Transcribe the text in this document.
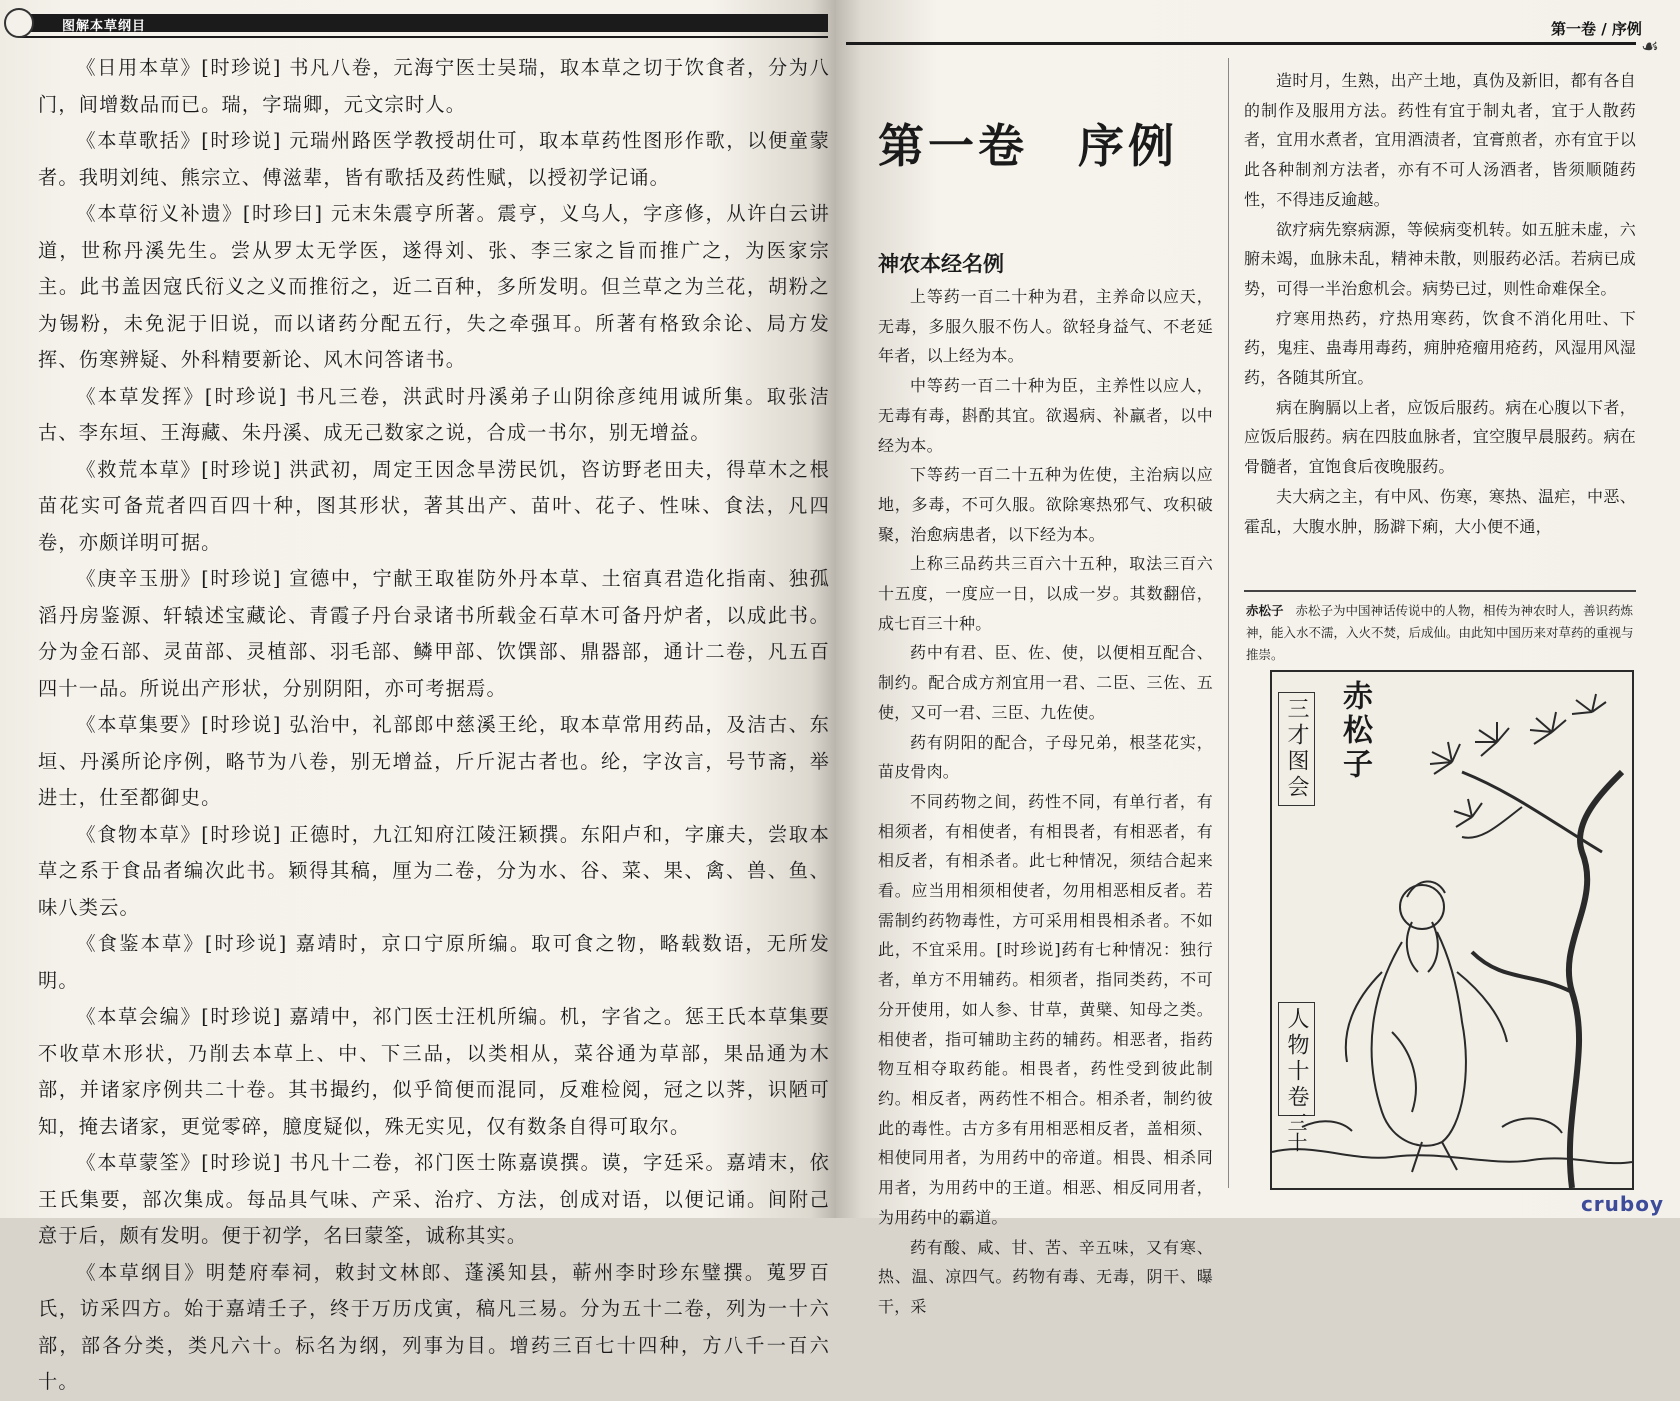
图解本草纲目

《日用本草》[时珍说] 书凡八卷，元海宁医士吴瑞，取本草之切于饮食者，分为八门，间增数品而已。瑞，字瑞卿，元文宗时人。

《本草歌括》[时珍说] 元瑞州路医学教授胡仕可，取本草药性图形作歌，以便童蒙者。我明刘纯、熊宗立、傅滋辈，皆有歌括及药性赋，以授初学记诵。

《本草衍义补遗》[时珍曰] 元末朱震亨所著。震亨，义乌人，字彦修，从许白云讲道，世称丹溪先生。尝从罗太无学医，遂得刘、张、李三家之旨而推广之，为医家宗主。此书盖因寇氏衍义之义而推衍之，近二百种，多所发明。但兰草之为兰花，胡粉之为锡粉，未免泥于旧说，而以诸药分配五行，失之牵强耳。所著有格致余论、局方发挥、伤寒辨疑、外科精要新论、风木问答诸书。

《本草发挥》[时珍说] 书凡三卷，洪武时丹溪弟子山阴徐彦纯用诚所集。取张洁古、李东垣、王海藏、朱丹溪、成无己数家之说，合成一书尔，别无增益。

《救荒本草》[时珍说] 洪武初，周定王因念旱涝民饥，咨访野老田夫，得草木之根苗花实可备荒者四百四十种，图其形状，著其出产、苗叶、花子、性味、食法，凡四卷，亦颇详明可据。

《庚辛玉册》[时珍说] 宣德中，宁献王取崔防外丹本草、土宿真君造化指南、独孤滔丹房鉴源、轩辕述宝藏论、青霞子丹台录诸书所载金石草木可备丹炉者，以成此书。分为金石部、灵苗部、灵植部、羽毛部、鳞甲部、饮馔部、鼎器部，通计二卷，凡五百四十一品。所说出产形状，分别阴阳，亦可考据焉。

《本草集要》[时珍说] 弘治中，礼部郎中慈溪王纶，取本草常用药品，及洁古、东垣、丹溪所论序例，略节为八卷，别无增益，斤斤泥古者也。纶，字汝言，号节斋，举进士，仕至都御史。

《食物本草》[时珍说] 正德时，九江知府江陵汪颖撰。东阳卢和，字廉夫，尝取本草之系于食品者编次此书。颖得其稿，厘为二卷，分为水、谷、菜、果、禽、兽、鱼、味八类云。

《食鉴本草》[时珍说] 嘉靖时，京口宁原所编。取可食之物，略载数语，无所发明。

《本草会编》[时珍说] 嘉靖中，祁门医士汪机所编。机，字省之。惩王氏本草集要不收草木形状，乃削去本草上、中、下三品，以类相从，菜谷通为草部，果品通为木部，并诸家序例共二十卷。其书撮约，似乎简便而混同，反难检阅，冠之以荠，识陋可知，掩去诸家，更觉零碎，臆度疑似，殊无实见，仅有数条自得可取尔。

《本草蒙筌》[时珍说] 书凡十二卷，祁门医士陈嘉谟撰。谟，字廷采。嘉靖末，依王氏集要，部次集成。每品具气味、产采、治疗、方法，创成对语，以便记诵。间附己意于后，颇有发明。便于初学，名曰蒙筌，诚称其实。

《本草纲目》明楚府奉祠，敕封文林郎、蓬溪知县，蕲州李时珍东璧撰。蒐罗百氏，访采四方。始于嘉靖壬子，终于万历戊寅，稿凡三易。分为五十二卷，列为一十六部，部各分类，类凡六十。标名为纲，列事为目。增药三百七十四种，方八千一百六十。

第一卷 / 序例
☙
第一卷　序例
神农本经名例

上等药一百二十种为君，主养命以应天，无毒，多服久服不伤人。欲轻身益气、不老延年者，以上经为本。

中等药一百二十种为臣，主养性以应人，无毒有毒，斟酌其宜。欲遏病、补羸者，以中经为本。

下等药一百二十五种为佐使，主治病以应地，多毒，不可久服。欲除寒热邪气、攻积破聚，治愈病患者，以下经为本。

上称三品药共三百六十五种，取法三百六十五度，一度应一日，以成一岁。其数翻倍，成七百三十种。

药中有君、臣、佐、使，以便相互配合、制约。配合成方剂宜用一君、二臣、三佐、五使，又可一君、三臣、九佐使。

药有阴阳的配合，子母兄弟，根茎花实，苗皮骨肉。

不同药物之间，药性不同，有单行者，有相须者，有相使者，有相畏者，有相恶者，有相反者，有相杀者。此七种情况，须结合起来看。应当用相须相使者，勿用相恶相反者。若需制约药物毒性，方可采用相畏相杀者。不如此，不宜采用。[时珍说]药有七种情况：独行者，单方不用辅药。相须者，指同类药，不可分开使用，如人参、甘草，黄檗、知母之类。相使者，指可辅助主药的辅药。相恶者，指药物互相夺取药能。相畏者，药性受到彼此制约。相反者，两药性不相合。相杀者，制约彼此的毒性。古方多有用相恶相反者，盖相须、相使同用者，为用药中的帝道。相畏、相杀同用者，为用药中的王道。相恶、相反同用者，为用药中的霸道。

药有酸、咸、甘、苦、辛五味，又有寒、热、温、凉四气。药物有毒、无毒，阴干、曝干，采

造时月，生熟，出产土地，真伪及新旧，都有各自的制作及服用方法。药性有宜于制丸者，宜于人散药者，宜用水煮者，宜用酒渍者，宜膏煎者，亦有宜于以此各种制剂方法者，亦有不可人汤酒者，皆须顺随药性，不得违反逾越。

欲疗病先察病源，等候病变机转。如五脏未虚，六腑未竭，血脉未乱，精神未散，则服药必活。若病已成势，可得一半治愈机会。病势已过，则性命难保全。

疗寒用热药，疗热用寒药，饮食不消化用吐、下药，鬼疰、蛊毒用毒药，痈肿疮瘤用疮药，风湿用风湿药，各随其所宜。

病在胸膈以上者，应饭后服药。病在心腹以下者，应饭后服药。病在四肢血脉者，宜空腹早晨服药。病在骨髓者，宜饱食后夜晚服药。

夫大病之主，有中风、伤寒，寒热、温疟，中恶、霍乱，大腹水肿，肠澼下痢，大小便不通，

赤松子 赤松子为中国神话传说中的人物，相传为神农时人，善识药炼神，能入水不濡，入火不焚，后成仙。由此知中国历来对草药的重视与推崇。
赤松子
三才图会
人物十卷
三十
cruboy
